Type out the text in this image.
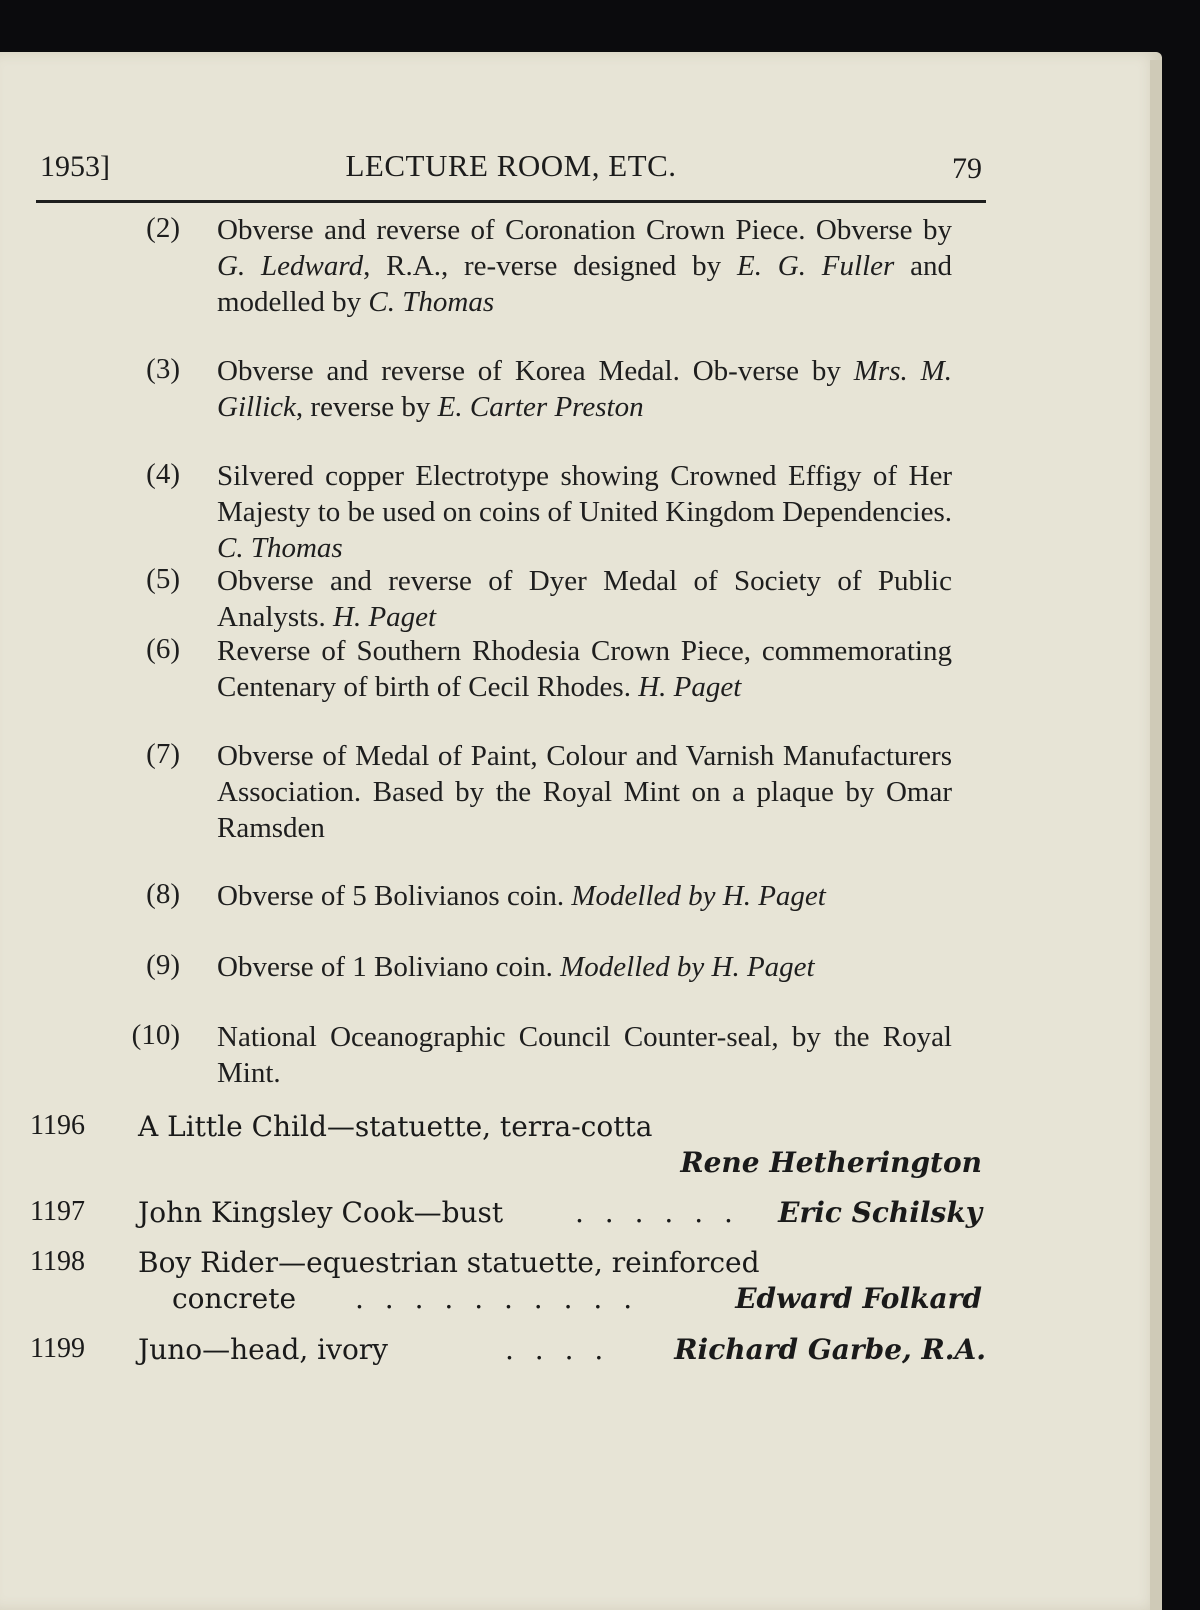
1953]	LECTURE ROOM, ETC.	79
(2) Obverse and reverse of Coronation Crown Piece. Obverse by G. Ledward, R.A., re-verse designed by E. G. Fuller and modelled by C. Thomas
(3) Obverse and reverse of Korea Medal. Ob-verse by Mrs. M. Gillick, reverse by E. Carter Preston
(4) Silvered copper Electrotype showing Crowned Effigy of Her Majesty to be used on coins of United Kingdom Dependencies. C. Thomas
(5) Obverse and reverse of Dyer Medal of Society of Public Analysts. H. Paget
(6) Reverse of Southern Rhodesia Crown Piece, commemorating Centenary of birth of Cecil Rhodes. H. Paget
(7) Obverse of Medal of Paint, Colour and Varnish Manufacturers Association. Based by the Royal Mint on a plaque by Omar Ramsden
(8) Obverse of 5 Bolivianos coin. Modelled by H. Paget
(9) Obverse of 1 Boliviano coin. Modelled by H. Paget
(10) National Oceanographic Council Counter-seal, by the Royal Mint.
1196 A Little Child—statuette, terra-cotta
Rene Hetherington
1197 John Kingsley Cook—bust	. . . . . . Eric Schilsky
1198 Boy Rider—equestrian statuette, reinforced
concrete . . . . . . . . . .	Edward Folkard
1199 Juno—head, ivory	. . . . Richard Garbe, R.A.
